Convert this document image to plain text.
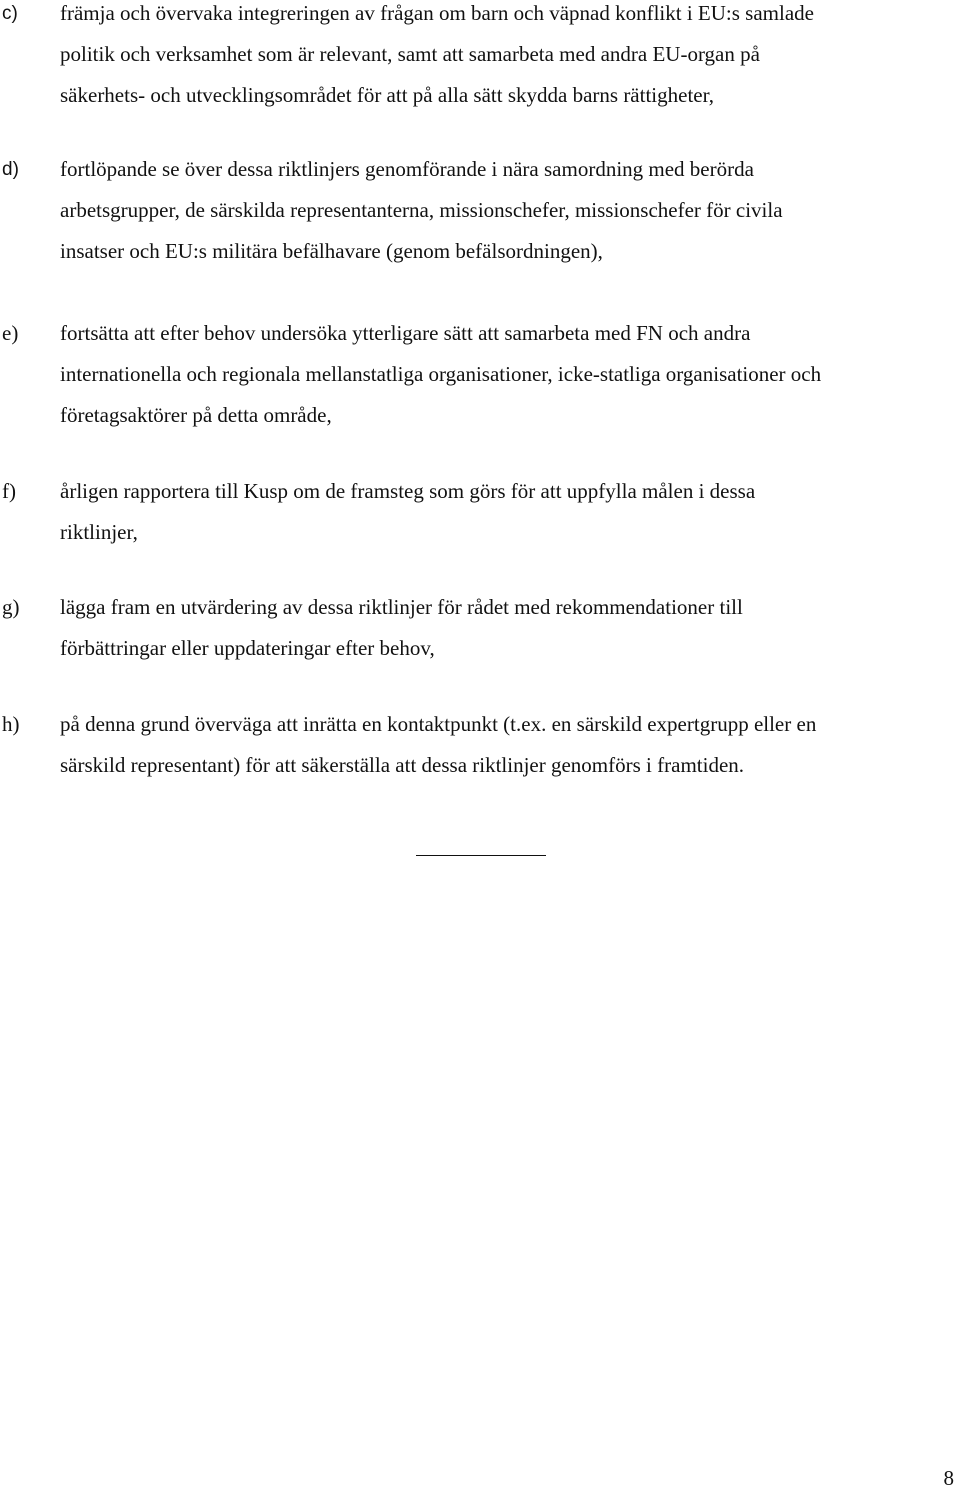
c) främja och övervaka integreringen av frågan om barn och väpnad konflikt i EU:s samlade
politik och verksamhet som är relevant, samt att samarbeta med andra EU-organ på
säkerhets- och utvecklingsområdet för att på alla sätt skydda barns rättigheter,
d) fortlöpande se över dessa riktlinjers genomförande i nära samordning med berörda
arbetsgrupper, de särskilda representanterna, missionschefer, missionschefer för civila
insatser och EU:s militära befälhavare (genom befälsordningen),
e) fortsätta att efter behov undersöka ytterligare sätt att samarbeta med FN och andra
internationella och regionala mellanstatliga organisationer, icke-statliga organisationer och
företagsaktörer på detta område,
f) årligen rapportera till Kusp om de framsteg som görs för att uppfylla målen i dessa
riktlinjer,
g) lägga fram en utvärdering av dessa riktlinjer för rådet med rekommendationer till
förbättringar eller uppdateringar efter behov,
h) på denna grund överväga att inrätta en kontaktpunkt (t.ex. en särskild expertgrupp eller en
särskild representant) för att säkerställa att dessa riktlinjer genomförs i framtiden.
8
